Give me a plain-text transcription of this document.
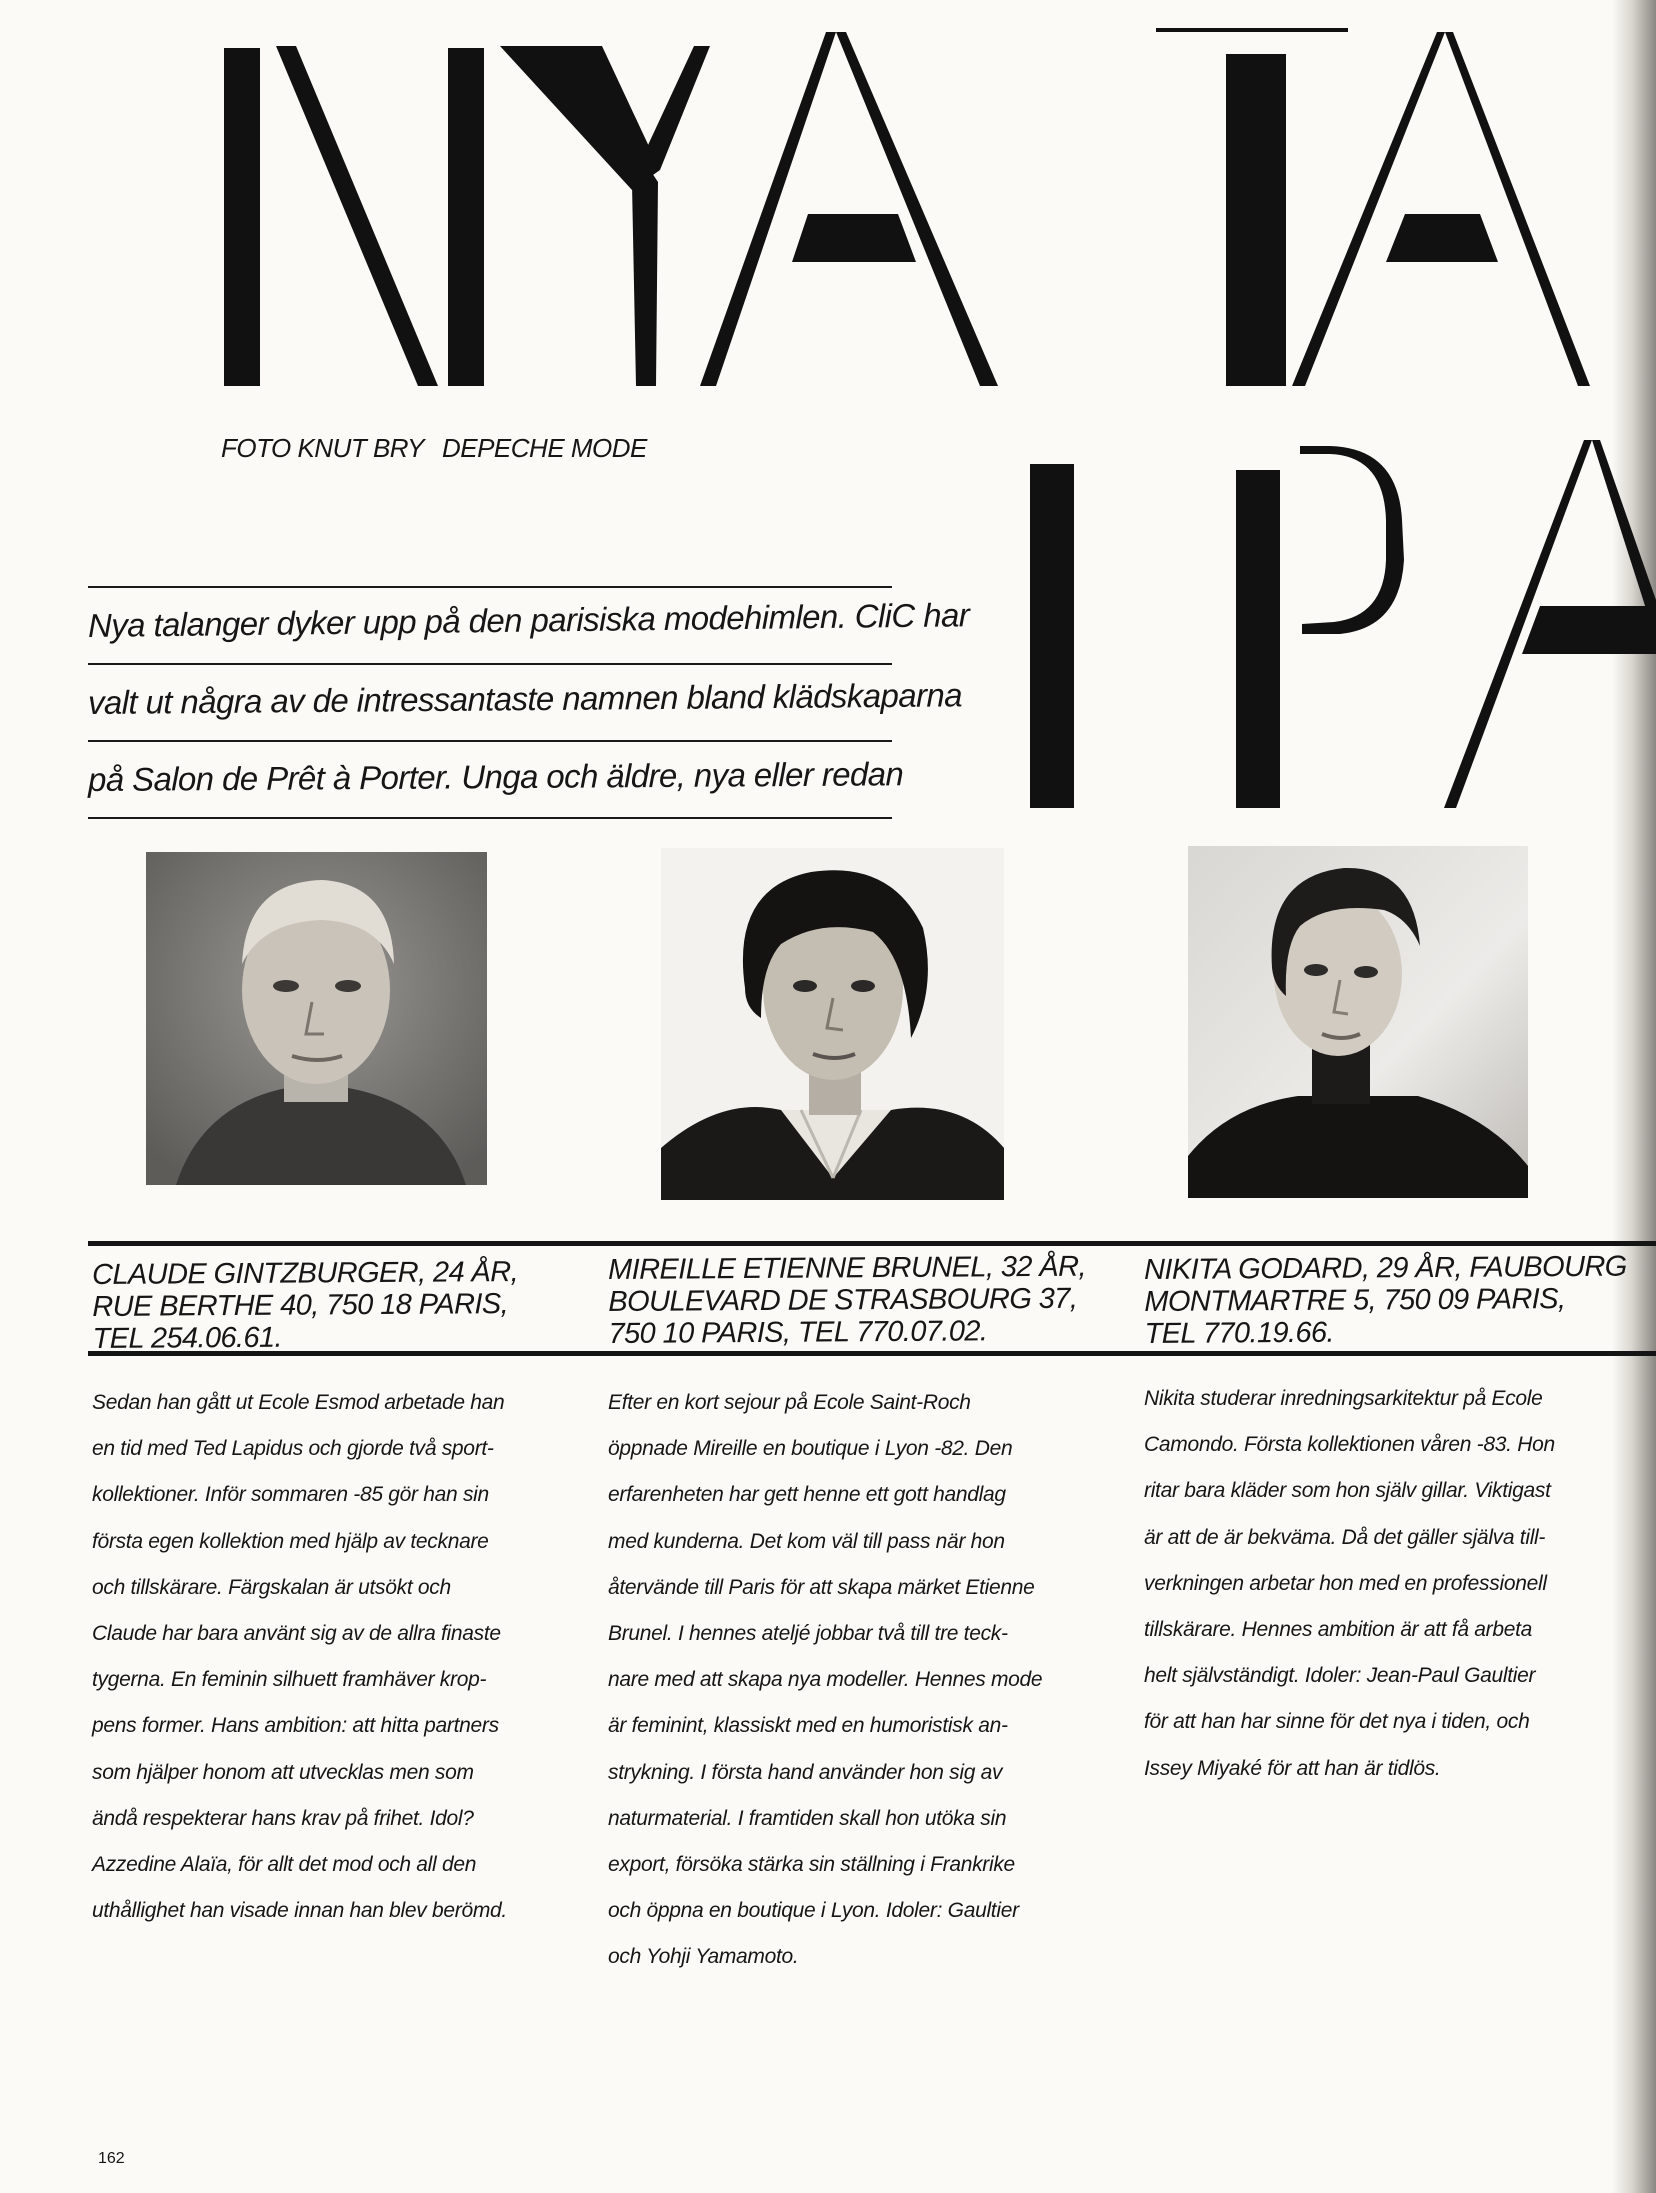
FOTO KNUT BRY DEPECHE MODE
Nya talanger dyker upp på den parisiska modehimlen. CliC har
valt ut några av de intressantaste namnen bland klädskaparna
på Salon de Prêt à Porter. Unga och äldre, nya eller redan
CLAUDE GINTZBURGER, 24 ÅR,
RUE BERTHE 40, 750 18 PARIS,
TEL 254.06.61.
MIREILLE ETIENNE BRUNEL, 32 ÅR,
BOULEVARD DE STRASBOURG 37,
750 10 PARIS, TEL 770.07.02.
NIKITA GODARD, 29 ÅR, FAUBOURG
MONTMARTRE 5, 750 09 PARIS,
TEL 770.19.66.
Sedan han gått ut Ecole Esmod arbetade han
en tid med Ted Lapidus och gjorde två sport-
kollektioner. Inför sommaren -85 gör han sin
första egen kollektion med hjälp av tecknare
och tillskärare. Färgskalan är utsökt och
Claude har bara använt sig av de allra finaste
tygerna. En feminin silhuett framhäver krop-
pens former. Hans ambition: att hitta partners
som hjälper honom att utvecklas men som
ändå respekterar hans krav på frihet. Idol?
Azzedine Alaïa, för allt det mod och all den
uthållighet han visade innan han blev berömd.
Efter en kort sejour på Ecole Saint-Roch
öppnade Mireille en boutique i Lyon -82. Den
erfarenheten har gett henne ett gott handlag
med kunderna. Det kom väl till pass när hon
återvände till Paris för att skapa märket Etienne
Brunel. I hennes ateljé jobbar två till tre teck-
nare med att skapa nya modeller. Hennes mode
är feminint, klassiskt med en humoristisk an-
strykning. I första hand använder hon sig av
naturmaterial. I framtiden skall hon utöka sin
export, försöka stärka sin ställning i Frankrike
och öppna en boutique i Lyon. Idoler: Gaultier
och Yohji Yamamoto.
Nikita studerar inredningsarkitektur på Ecole
Camondo. Första kollektionen våren -83. Hon
ritar bara kläder som hon själv gillar. Viktigast
är att de är bekväma. Då det gäller själva till-
verkningen arbetar hon med en professionell
tillskärare. Hennes ambition är att få arbeta
helt självständigt. Idoler: Jean-Paul Gaultier
för att han har sinne för det nya i tiden, och
Issey Miyaké för att han är tidlös.
162
